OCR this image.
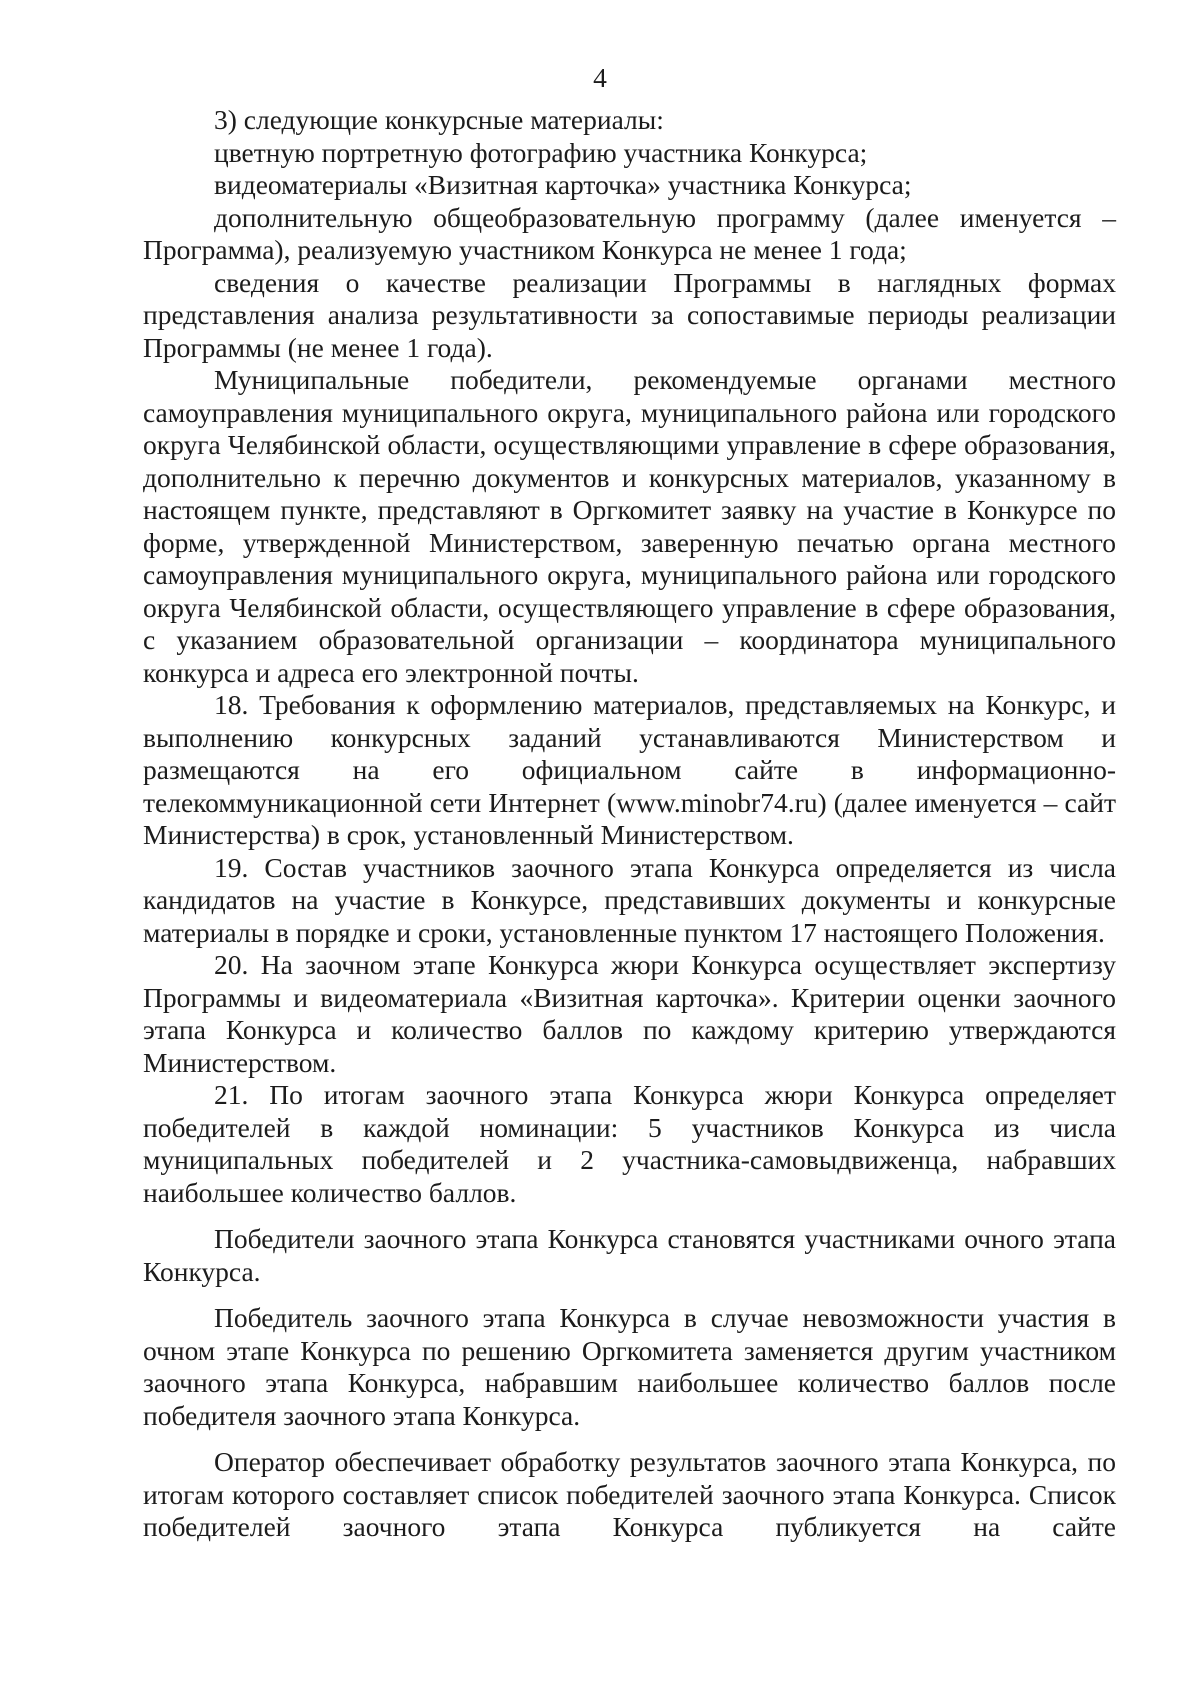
4

3) следующие конкурсные материалы:

цветную портретную фотографию участника Конкурса;

видеоматериалы «Визитная карточка» участника Конкурса;

дополнительную общеобразовательную программу (далее именуется – Программа), реализуемую участником Конкурса не менее 1 года;

сведения о качестве реализации Программы в наглядных формах представления анализа результативности за сопоставимые периоды реализации Программы (не менее 1 года).

Муниципальные победители, рекомендуемые органами местного самоуправления муниципального округа, муниципального района или городского округа Челябинской области, осуществляющими управление в сфере образования, дополнительно к перечню документов и конкурсных материалов, указанному в настоящем пункте, представляют в Оргкомитет заявку на участие в Конкурсе по форме, утвержденной Министерством, заверенную печатью органа местного самоуправления муниципального округа, муниципального района или городского округа Челябинской области, осуществляющего управление в сфере образования, с указанием образовательной организации – координатора муниципального конкурса и адреса его электронной почты.

18. Требования к оформлению материалов, представляемых на Конкурс, и выполнению конкурсных заданий устанавливаются Министерством и размещаются на его официальном сайте в информационно-телекоммуникационной сети Интернет (www.minobr74.ru) (далее именуется – сайт Министерства) в срок, установленный Министерством.

19. Состав участников заочного этапа Конкурса определяется из числа кандидатов на участие в Конкурсе, представивших документы и конкурсные материалы в порядке и сроки, установленные пунктом 17 настоящего Положения.

20. На заочном этапе Конкурса жюри Конкурса осуществляет экспертизу Программы и видеоматериала «Визитная карточка». Критерии оценки заочного этапа Конкурса и количество баллов по каждому критерию утверждаются Министерством.

21. По итогам заочного этапа Конкурса жюри Конкурса определяет победителей в каждой номинации: 5 участников Конкурса из числа муниципальных победителей и 2 участника-самовыдвиженца, набравших наибольшее количество баллов.

Победители заочного этапа Конкурса становятся участниками очного этапа Конкурса.

Победитель заочного этапа Конкурса в случае невозможности участия в очном этапе Конкурса по решению Оргкомитета заменяется другим участником заочного этапа Конкурса, набравшим наибольшее количество баллов после победителя заочного этапа Конкурса.

Оператор обеспечивает обработку результатов заочного этапа Конкурса, по итогам которого составляет список победителей заочного этапа Конкурса. Список победителей заочного этапа Конкурса публикуется на сайте
